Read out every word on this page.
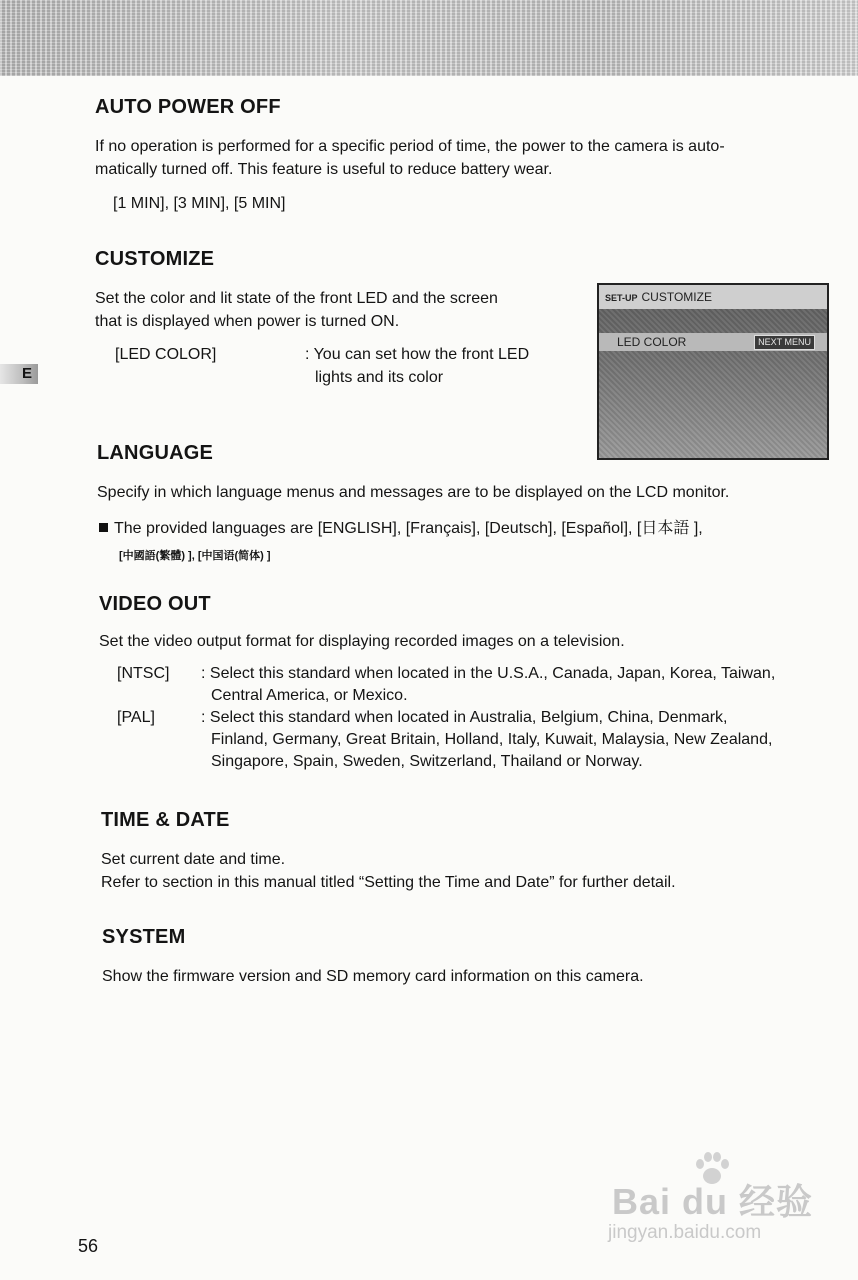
E
AUTO POWER OFF

If no operation is performed for a specific period of time, the power to the camera is auto-

matically turned off. This feature is useful to reduce battery wear.

[1 MIN], [3 MIN], [5 MIN]
CUSTOMIZE

Set the color and lit state of the front LED and the screen

that is displayed when power is turned ON.

[LED COLOR]	: You can set how the front LED
lights and its color
SET-UP CUSTOMIZE
LED COLOR	NEXT MENU
LANGUAGE

Specify in which language menus and messages are to be displayed on the LCD monitor.

The provided languages are [ENGLISH], [Français], [Deutsch], [Español], [日本語 ],
[中國語(繁體) ], [中国语(简体) ]
VIDEO OUT

Set the video output format for displaying recorded images on a television.

[NTSC] : Select this standard when located in the U.S.A., Canada, Japan, Korea, Taiwan,
Central America, or Mexico.
[PAL]	: Select this standard when located in Australia, Belgium, China, Denmark,
Finland, Germany, Great Britain, Holland, Italy, Kuwait, Malaysia, New Zealand,
Singapore, Spain, Sweden, Switzerland, Thailand or Norway.
TIME & DATE

Set current date and time.

Refer to section in this manual titled “Setting the Time and Date” for further detail.

SYSTEM

Show the firmware version and SD memory card information on this camera.

56
Bai du 经验
jingyan.baidu.com
